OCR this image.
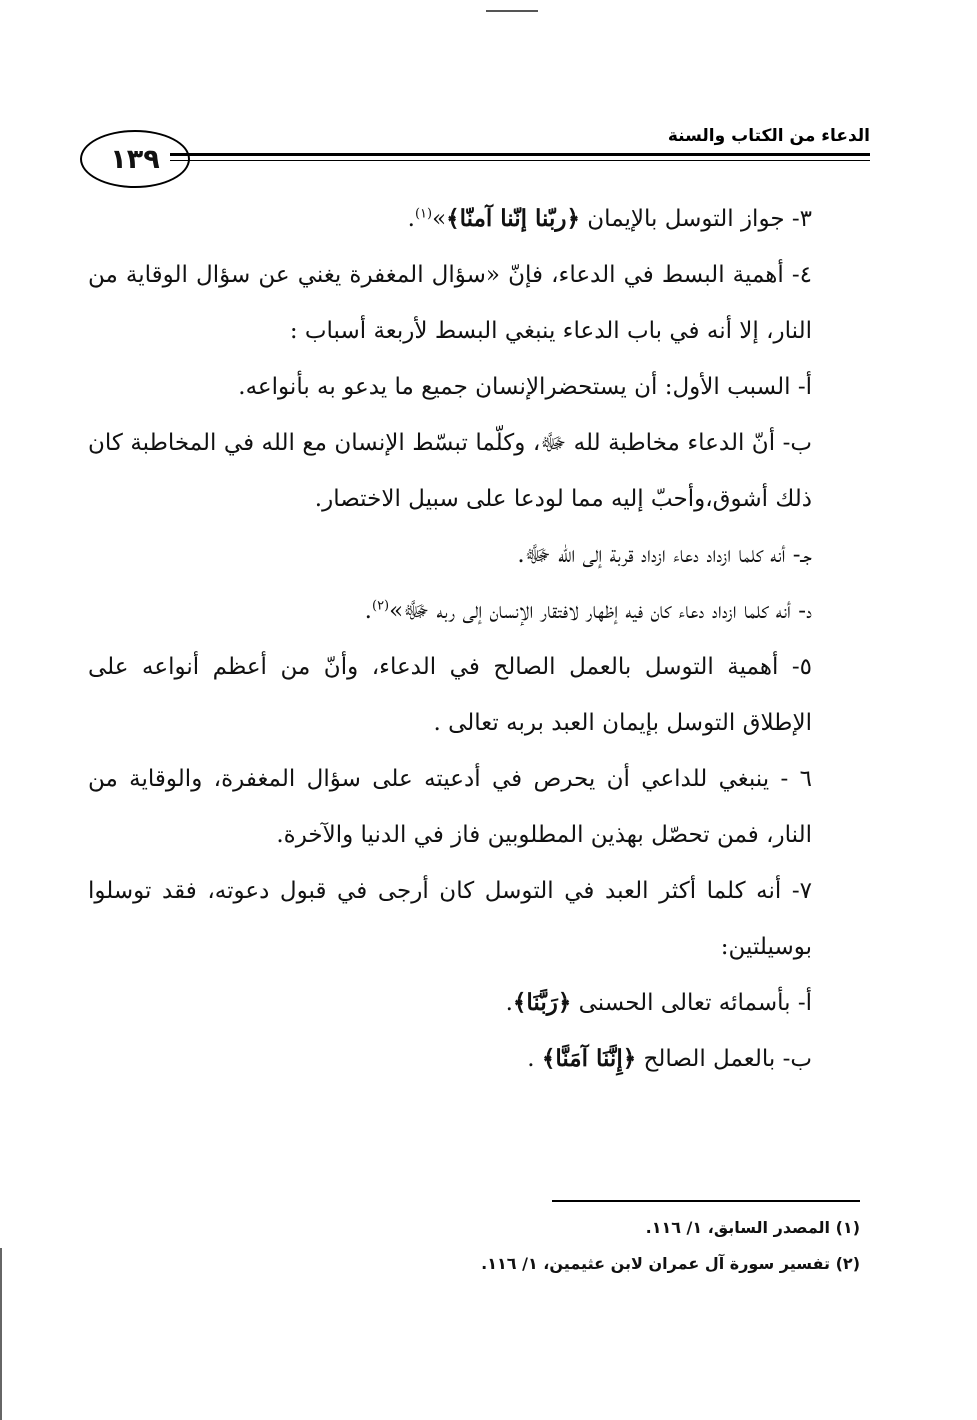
الدعاء من الكتاب والسنة
١٣٩

٣- جواز التوسل بالإيمان ﴿ربّنا إنّنا آمنّا﴾»$^{(١)}$.

٤- أهمية البسط في الدعاء، فإنّ «سؤال المغفرة يغني عن سؤال الوقاية من النار، إلا أنه في باب الدعاء ينبغي البسط لأربعة أسباب :

أ- السبب الأول: أن يستحضرالإنسان جميع ما يدعو به بأنواعه.

ب- أنّ الدعاء مخاطبة لله ﷻ، وكلّما تبسّط الإنسان مع الله في المخاطبة كان ذلك أشوق،وأحبّ إليه مما لودعا على سبيل الاختصار.

جـ- أنه كلما ازداد دعاء ازداد قربة إلى الله ﷻ.

د- أنه كلما ازداد دعاء كان فيه إظهار لافتقار الإنسان إلى ربه ﷻ»$^{(٢)}$.

٥- أهمية التوسل بالعمل الصالح في الدعاء، وأنّ من أعظم أنواعه على الإطلاق التوسل بإيمان العبد بربه تعالى .

٦ - ينبغي للداعي أن يحرص في أدعيته على سؤال المغفرة، والوقاية من النار، فمن تحصّل بهذين المطلوبين فاز في الدنيا والآخرة.

٧- أنه كلما أكثر العبد في التوسل كان أرجى في قبول دعوته، فقد توسلوا بوسيلتين:

أ- بأسمائه تعالى الحسنى ﴿رَبَّنَا﴾.

ب- بالعمل الصالح ﴿إِنَّنَا آمَنَّا﴾ .

(١) المصدر السابق، ١/ ١١٦.
(٢) تفسير سورة آل عمران لابن عثيمين، ١/ ١١٦.
